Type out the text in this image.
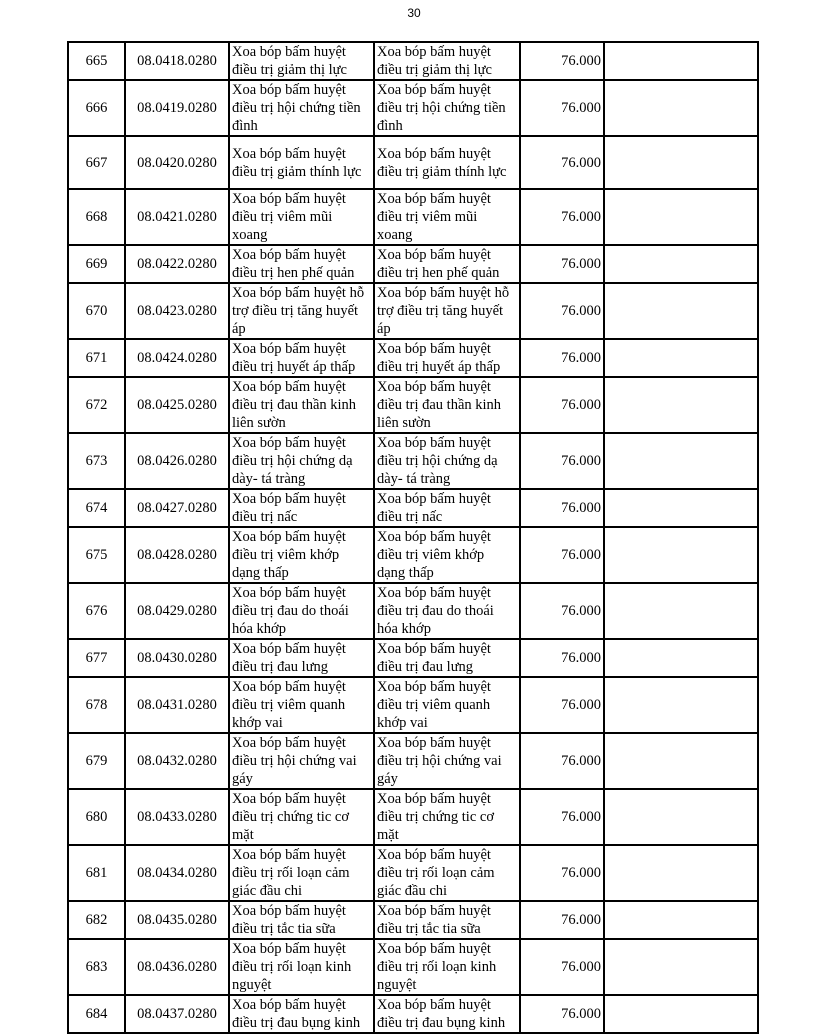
30
665	08.0418.0280	Xoa bóp bấm huyệt
điều trị giảm thị lực	Xoa bóp bấm huyệt
điều trị giảm thị lực	76.000	
666	08.0419.0280	Xoa bóp bấm huyệt
điều trị hội chứng tiền
đình	Xoa bóp bấm huyệt
điều trị hội chứng tiền
đình	76.000	
667	08.0420.0280	Xoa bóp bấm huyệt
điều trị giảm thính lực	Xoa bóp bấm huyệt
điều trị giảm thính lực	76.000	
668	08.0421.0280	Xoa bóp bấm huyệt
điều trị viêm mũi
xoang	Xoa bóp bấm huyệt
điều trị viêm mũi
xoang	76.000	
669	08.0422.0280	Xoa bóp bấm huyệt
điều trị hen phế quản	Xoa bóp bấm huyệt
điều trị hen phế quản	76.000	
670	08.0423.0280	Xoa bóp bấm huyệt hỗ
trợ điều trị tăng huyết
áp	Xoa bóp bấm huyệt hỗ
trợ điều trị tăng huyết
áp	76.000	
671	08.0424.0280	Xoa bóp bấm huyệt
điều trị huyết áp thấp	Xoa bóp bấm huyệt
điều trị huyết áp thấp	76.000	
672	08.0425.0280	Xoa bóp bấm huyệt
điều trị đau thần kinh
liên sườn	Xoa bóp bấm huyệt
điều trị đau thần kinh
liên sườn	76.000	
673	08.0426.0280	Xoa bóp bấm huyệt
điều trị hội chứng dạ
dày- tá tràng	Xoa bóp bấm huyệt
điều trị hội chứng dạ
dày- tá tràng	76.000	
674	08.0427.0280	Xoa bóp bấm huyệt
điều trị nấc	Xoa bóp bấm huyệt
điều trị nấc	76.000	
675	08.0428.0280	Xoa bóp bấm huyệt
điều trị viêm khớp
dạng thấp	Xoa bóp bấm huyệt
điều trị viêm khớp
dạng thấp	76.000	
676	08.0429.0280	Xoa bóp bấm huyệt
điều trị đau do thoái
hóa khớp	Xoa bóp bấm huyệt
điều trị đau do thoái
hóa khớp	76.000	
677	08.0430.0280	Xoa bóp bấm huyệt
điều trị đau lưng	Xoa bóp bấm huyệt
điều trị đau lưng	76.000	
678	08.0431.0280	Xoa bóp bấm huyệt
điều trị viêm quanh
khớp vai	Xoa bóp bấm huyệt
điều trị viêm quanh
khớp vai	76.000	
679	08.0432.0280	Xoa bóp bấm huyệt
điều trị hội chứng vai
gáy	Xoa bóp bấm huyệt
điều trị hội chứng vai
gáy	76.000	
680	08.0433.0280	Xoa bóp bấm huyệt
điều trị chứng tic cơ
mặt	Xoa bóp bấm huyệt
điều trị chứng tic cơ
mặt	76.000	
681	08.0434.0280	Xoa bóp bấm huyệt
điều trị rối loạn cảm
giác đầu chi	Xoa bóp bấm huyệt
điều trị rối loạn cảm
giác đầu chi	76.000	
682	08.0435.0280	Xoa bóp bấm huyệt
điều trị tắc tia sữa	Xoa bóp bấm huyệt
điều trị tắc tia sữa	76.000	
683	08.0436.0280	Xoa bóp bấm huyệt
điều trị rối loạn kinh
nguyệt	Xoa bóp bấm huyệt
điều trị rối loạn kinh
nguyệt	76.000	
684	08.0437.0280	Xoa bóp bấm huyệt
điều trị đau bụng kinh	Xoa bóp bấm huyệt
điều trị đau bụng kinh	76.000	
